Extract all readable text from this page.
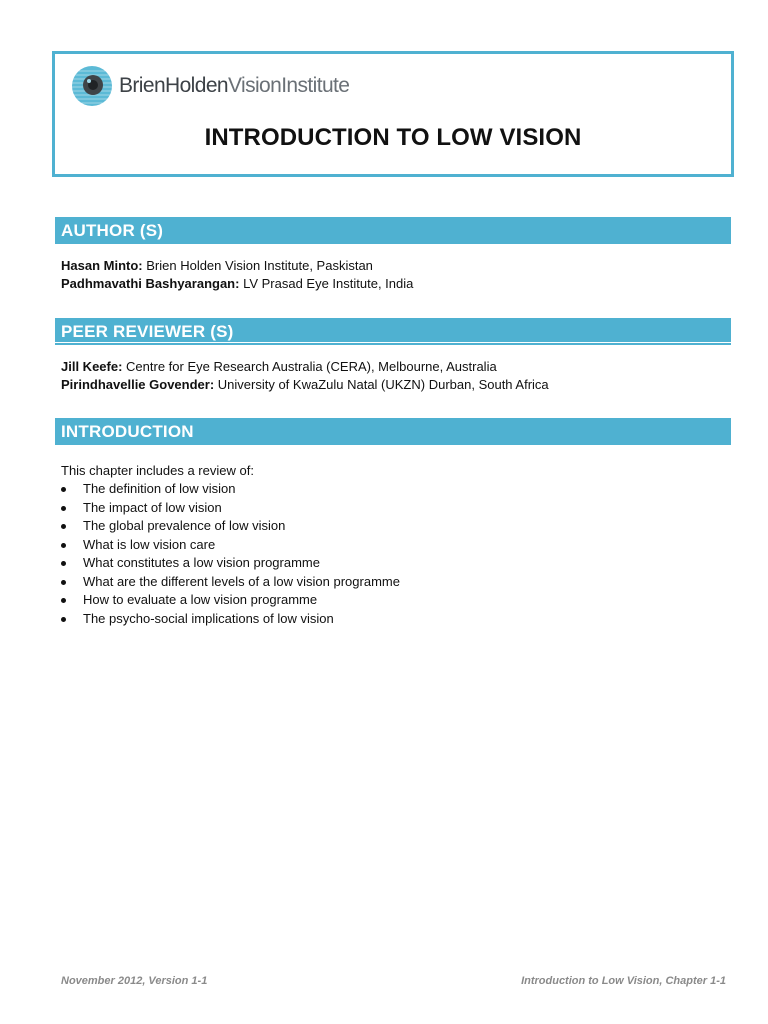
BrienHoldenVisionInstitute
INTRODUCTION TO LOW VISION
AUTHOR (S)
Hasan Minto: Brien Holden Vision Institute, Paskistan
Padhmavathi Bashyarangan: LV Prasad Eye Institute, India
PEER REVIEWER (S)
Jill Keefe: Centre for Eye Research Australia (CERA), Melbourne, Australia
Pirindhavellie Govender: University of KwaZulu Natal (UKZN) Durban, South Africa
INTRODUCTION
This chapter includes a review of:
The definition of low vision
The impact of low vision
The global prevalence of low vision
What is low vision care
What constitutes a low vision programme
What are the different levels of a low vision programme
How to evaluate a low vision programme
The psycho-social implications of low vision
November 2012, Version 1-1	Introduction to Low Vision, Chapter 1-1
